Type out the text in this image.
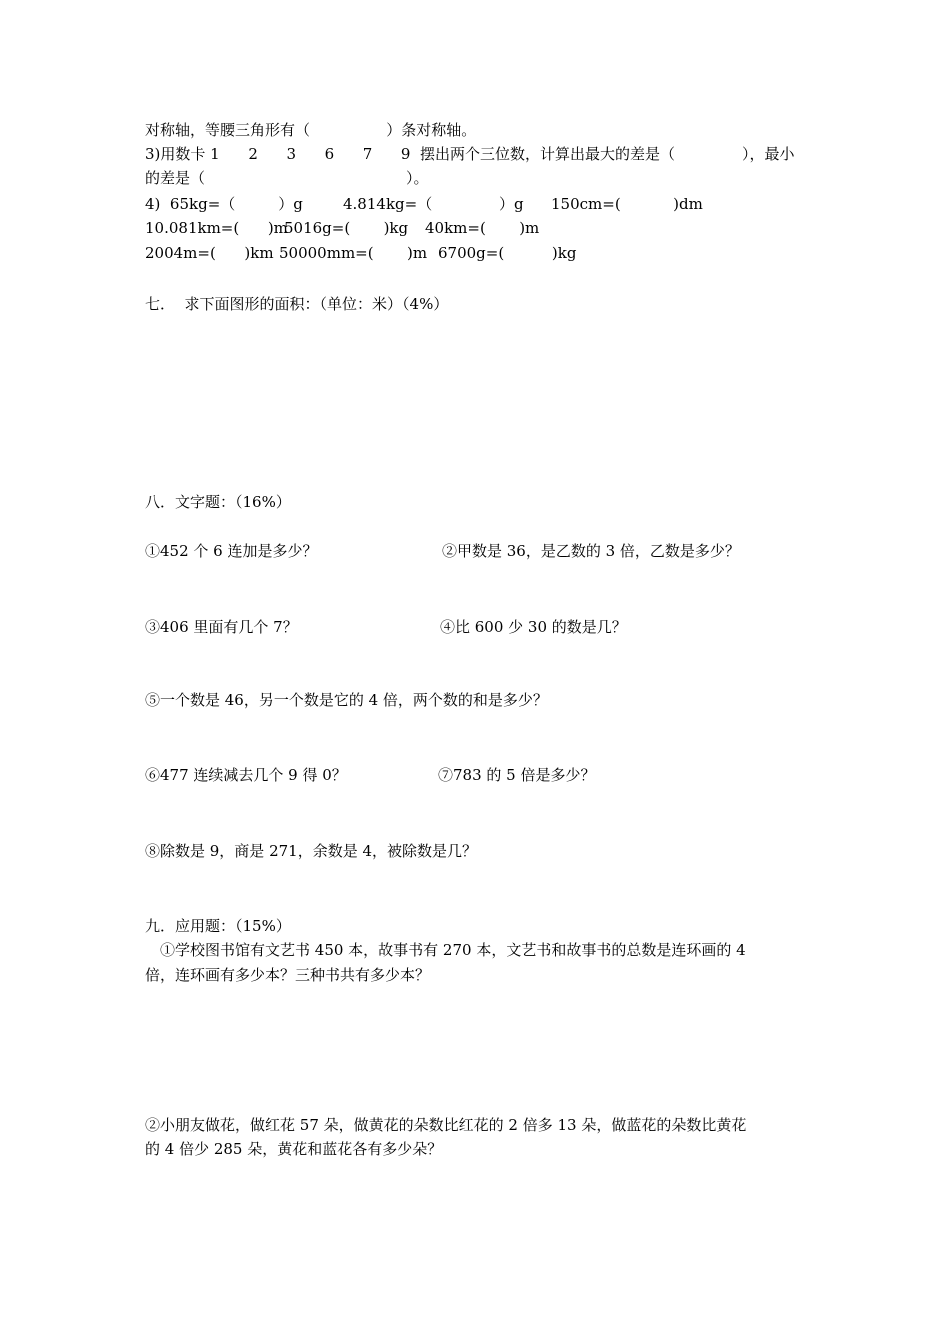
对称轴，等腰三角形有（                ）条对称轴。
3)用数卡 1      2      3      6      7      9  摆出两个三位数，计算出最大的差是（	），最小
的差是（	）。
4)  65kg=（         ）g	4.814kg=（              ）g 150cm=(           )dm
10.081km=(      )m
5016g=(       )kg 40km=(       )m
2004m=(      )km 50000mm=(       )m 6700g=(          )kg
七．  求下面图形的面积：（单位：米）（4%）
八．文字题：（16%）
①452 个 6 连加是多少？	②甲数是 36，是乙数的 3 倍，乙数是多少？
③406 里面有几个 7？	④比 600 少 30 的数是几？
⑤一个数是 46，另一个数是它的 4 倍，两个数的和是多少？
⑥477 连续减去几个 9 得 0？	⑦783 的 5 倍是多少？
⑧除数是 9，商是 271，余数是 4，被除数是几？
九．应用题：（15%）
①学校图书馆有文艺书 450 本，故事书有 270 本，文艺书和故事书的总数是连环画的 4
倍，连环画有多少本？三种书共有多少本？
②小朋友做花，做红花 57 朵，做黄花的朵数比红花的 2 倍多 13 朵，做蓝花的朵数比黄花
的 4 倍少 285 朵，黄花和蓝花各有多少朵？
